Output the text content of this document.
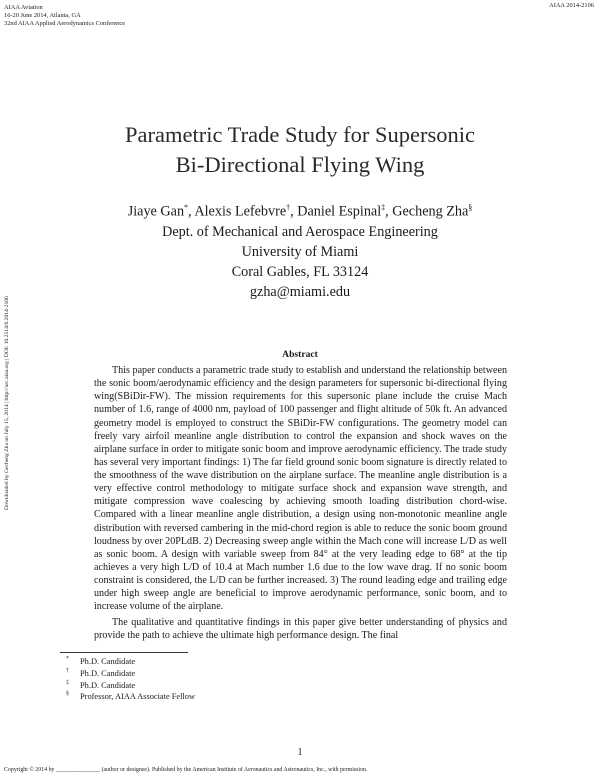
AIAA Aviation
16-20 June 2014, Atlanta, GA
32nd AIAA Applied Aerodynamics Conference
AIAA 2014-2106
Downloaded by Gecheng Zha on July 15, 2014 | http://arc.aiaa.org | DOI: 10.2514/6.2014-2106
Parametric Trade Study for Supersonic
Bi-Directional Flying Wing
Jiaye Gan*, Alexis Lefebvre†, Daniel Espinal‡, Gecheng Zha§
Dept. of Mechanical and Aerospace Engineering
University of Miami
Coral Gables, FL 33124
gzha@miami.edu
Abstract

This paper conducts a parametric trade study to establish and understand the relationship between the sonic boom/aerodynamic efficiency and the design parameters for supersonic bi-directional flying wing(SBiDir-FW). The mission requirements for this supersonic plane include the cruise Mach number of 1.6, range of 4000 nm, payload of 100 passenger and flight altitude of 50k ft. An advanced geometry model is employed to construct the SBiDir-FW configurations. The geometry model can freely vary airfoil meanline angle distribution to control the expansion and shock waves on the airplane surface in order to mitigate sonic boom and improve aerodynamic efficiency. The trade study has several very important findings: 1) The far field ground sonic boom signature is directly related to the smoothness of the wave distribution on the airplane surface. The meanline angle distribution is a very effective control methodology to mitigate surface shock and expansion wave strength, and mitigate compression wave coalescing by achieving smooth loading distribution chord-wise. Compared with a linear meanline angle distribution, a design using non-monotonic meanline angle distribution with reversed cambering in the mid-chord region is able to reduce the sonic boom ground loudness by over 20PLdB. 2) Decreasing sweep angle within the Mach cone will increase L/D as well as sonic boom. A design with variable sweep from 84° at the very leading edge to 68° at the tip achieves a very high L/D of 10.4 at Mach number 1.6 due to the low wave drag. If no sonic boom constraint is considered, the L/D can be further increased. 3) The round leading edge and trailing edge under high sweep angle are beneficial to improve aerodynamic performance, sonic boom, and to increase volume of the airplane.

The qualitative and quantitative findings in this paper give better understanding of physics and provide the path to achieve the ultimate high performance design. The final

*	Ph.D. Candidate
†	Ph.D. Candidate
‡	Ph.D. Candidate
§	Professor, AIAA Associate Fellow
1
Copyright © 2014 by _______________ (author or designee). Published by the American Institute of Aeronautics and Astronautics, Inc., with permission.
